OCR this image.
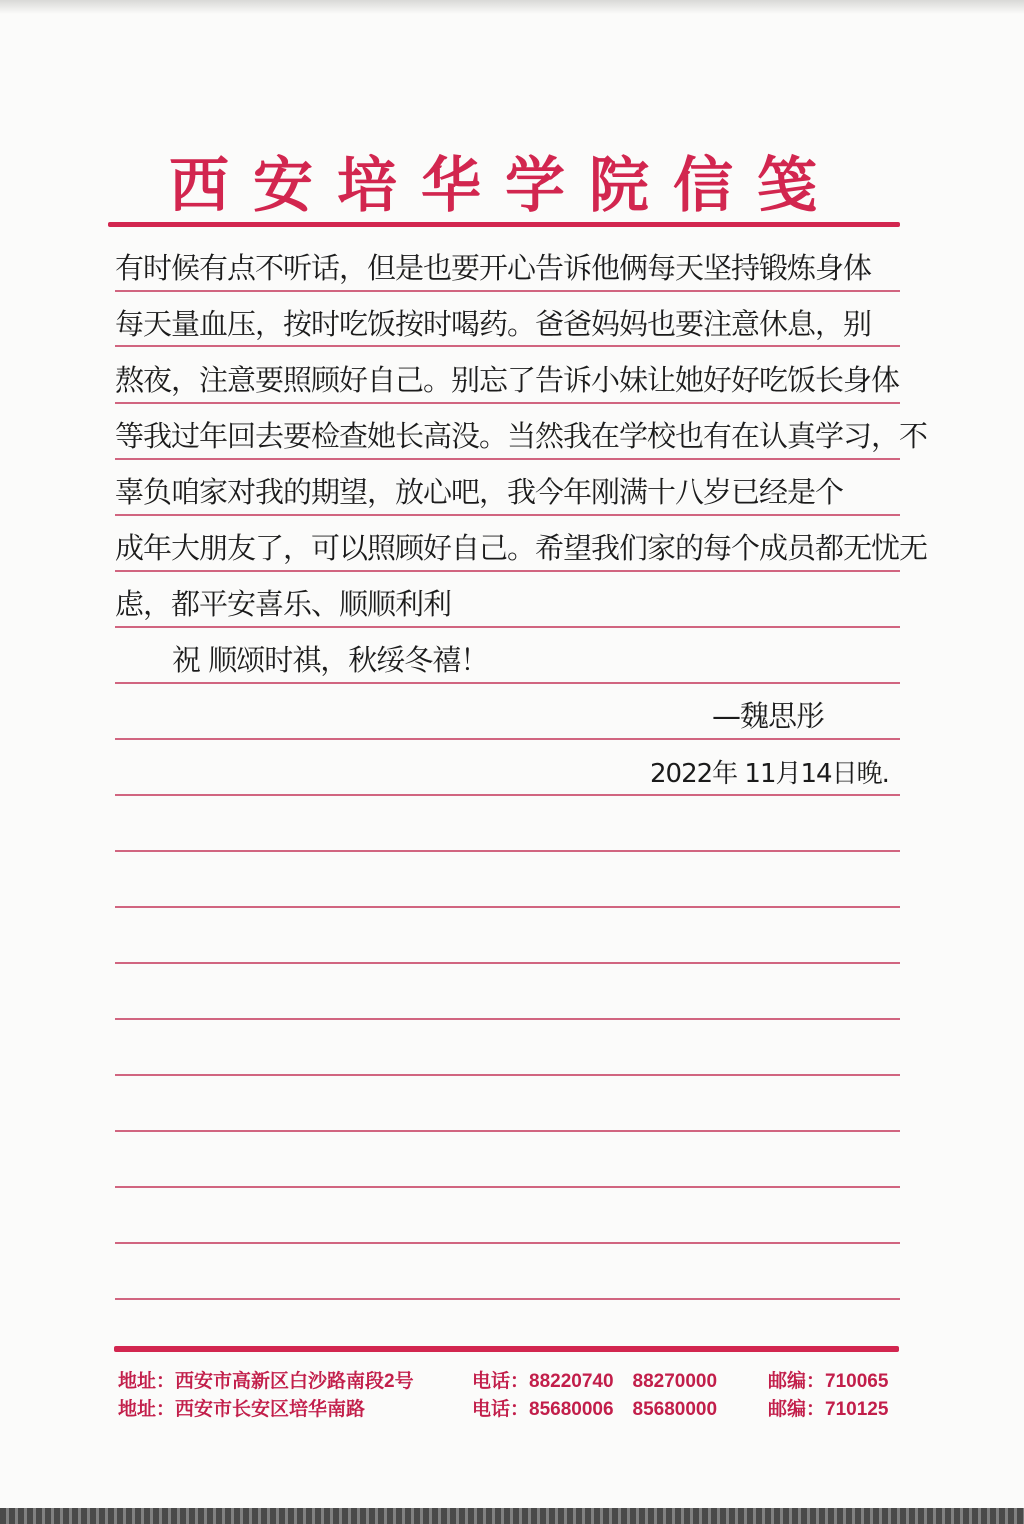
西安培华学院信笺
有时候有点不听话，但是也要开心告诉他俩每天坚持锻炼身体
每天量血压，按时吃饭按时喝药。爸爸妈妈也要注意休息，别
熬夜，注意要照顾好自己。别忘了告诉小妹让她好好吃饭长身体
等我过年回去要检查她长高没。当然我在学校也有在认真学习，不
辜负咱家对我的期望，放心吧，我今年刚满十八岁已经是个
成年大朋友了，可以照顾好自己。希望我们家的每个成员都无忧无
虑，都平安喜乐、顺顺利利
祝 顺颂时祺，秋绥冬禧！
—魏思彤
2022年 11月14日晚.
地址：西安市高新区白沙路南段2号	电话：88220740　88270000	邮编：710065
地址：西安市长安区培华南路	电话：85680006　85680000	邮编：710125
